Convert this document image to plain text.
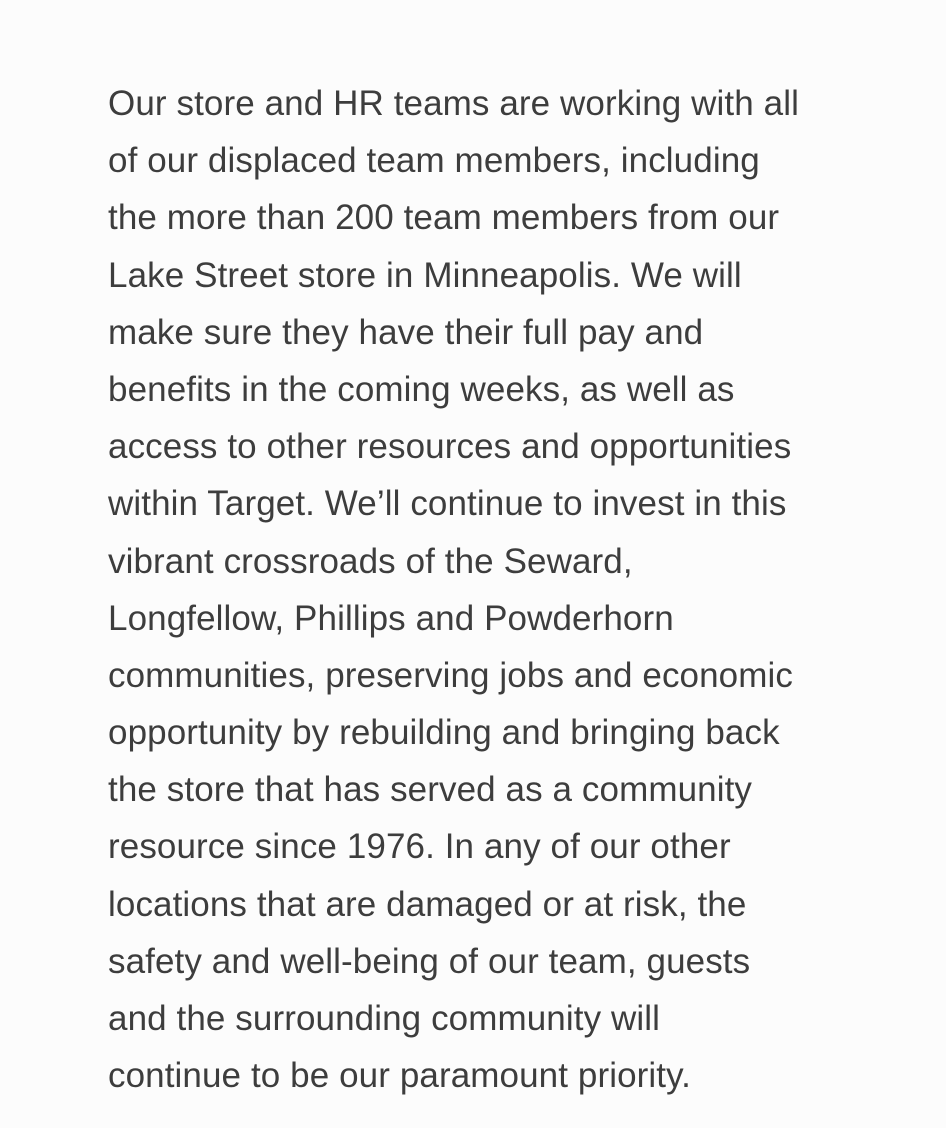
Our store and HR teams are working with all
of our displaced team members, including
the more than 200 team members from our
Lake Street store in Minneapolis. We will
make sure they have their full pay and
benefits in the coming weeks, as well as
access to other resources and opportunities
within Target. We’ll continue to invest in this
vibrant crossroads of the Seward,
Longfellow, Phillips and Powderhorn
communities, preserving jobs and economic
opportunity by rebuilding and bringing back
the store that has served as a community
resource since 1976. In any of our other
locations that are damaged or at risk, the
safety and well-being of our team, guests
and the surrounding community will
continue to be our paramount priority.
